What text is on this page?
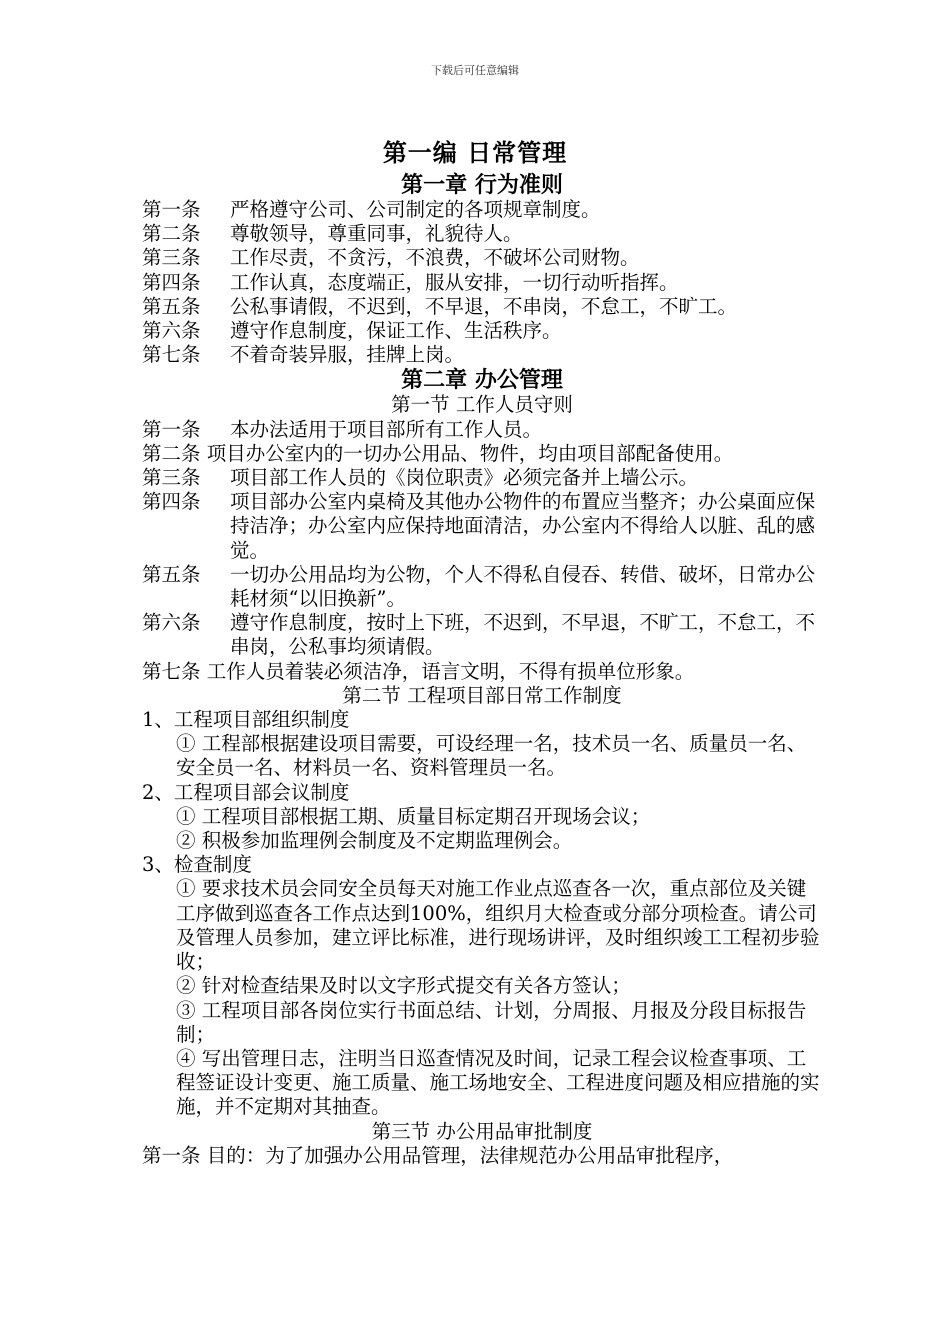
下载后可任意编辑
第一编 日常管理
第一章 行为准则
第一条	严格遵守公司、公司制定的各项规章制度。
第二条	尊敬领导，尊重同事，礼貌待人。
第三条	工作尽责，不贪污，不浪费，不破坏公司财物。
第四条	工作认真，态度端正，服从安排，一切行动听指挥。
第五条	公私事请假，不迟到，不早退，不串岗，不怠工，不旷工。
第六条	遵守作息制度，保证工作、生活秩序。
第七条	不着奇装异服，挂牌上岗。
第二章 办公管理
第一节 工作人员守则
第一条	本办法适用于项目部所有工作人员。
第二条 项目办公室内的一切办公用品、物件，均由项目部配备使用。
第三条	项目部工作人员的《岗位职责》必须完备并上墙公示。
第四条	项目部办公室内桌椅及其他办公物件的布置应当整齐；办公桌面应保持洁净；办公室内应保持地面清洁，办公室内不得给人以脏、乱的感觉。
第五条	一切办公用品均为公物，个人不得私自侵吞、转借、破坏，日常办公耗材须“以旧换新”。
第六条	遵守作息制度，按时上下班，不迟到，不早退，不旷工，不怠工，不串岗，公私事均须请假。
第七条 工作人员着装必须洁净，语言文明，不得有损单位形象。
第二节 工程项目部日常工作制度
1、工程项目部组织制度
① 工程部根据建设项目需要，可设经理一名，技术员一名、质量员一名、安全员一名、材料员一名、资料管理员一名。
2、工程项目部会议制度
① 工程项目部根据工期、质量目标定期召开现场会议；
② 积极参加监理例会制度及不定期监理例会。
3、检查制度
① 要求技术员会同安全员每天对施工作业点巡查各一次，重点部位及关键工序做到巡查各工作点达到100%，组织月大检查或分部分项检查。请公司及管理人员参加，建立评比标准，进行现场讲评，及时组织竣工工程初步验收；
② 针对检查结果及时以文字形式提交有关各方签认；
③ 工程项目部各岗位实行书面总结、计划，分周报、月报及分段目标报告制；
④ 写出管理日志，注明当日巡查情况及时间，记录工程会议检查事项、工程签证设计变更、施工质量、施工场地安全、工程进度问题及相应措施的实施，并不定期对其抽查。
第三节 办公用品审批制度
第一条 目的：为了加强办公用品管理，法律规范办公用品审批程序，
